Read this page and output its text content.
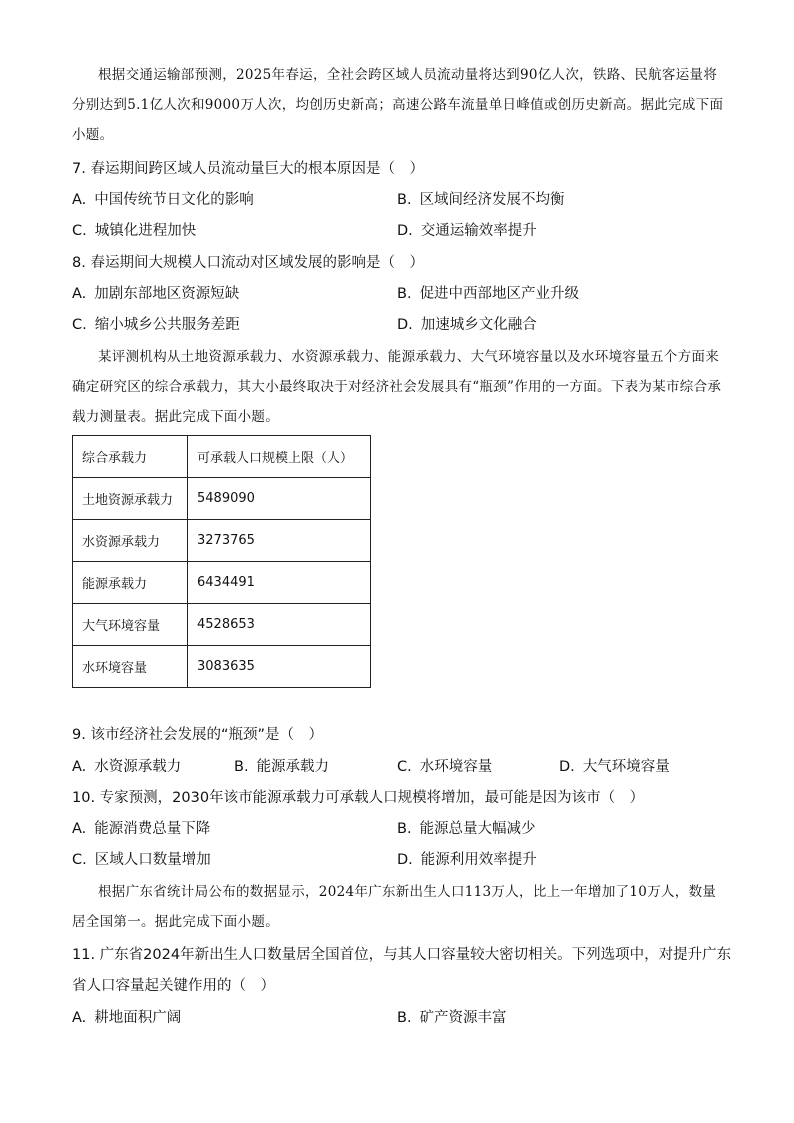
根据交通运输部预测，2025年春运，全社会跨区域人员流动量将达到90亿人次，铁路、民航客运量将分别达到5.1亿人次和9000万人次，均创历史新高；高速公路车流量单日峰值或创历史新高。据此完成下面小题。
7. 春运期间跨区域人员流动量巨大的根本原因是（　）
A. 中国传统节日文化的影响	B. 区域间经济发展不均衡
C. 城镇化进程加快	D. 交通运输效率提升
8. 春运期间大规模人口流动对区域发展的影响是（　）
A. 加剧东部地区资源短缺	B. 促进中西部地区产业升级
C. 缩小城乡公共服务差距	D. 加速城乡文化融合
某评测机构从土地资源承载力、水资源承载力、能源承载力、大气环境容量以及水环境容量五个方面来确定研究区的综合承载力，其大小最终取决于对经济社会发展具有“瓶颈”作用的一方面。下表为某市综合承载力测量表。据此完成下面小题。
综合承载力	可承载人口规模上限（人）
土地资源承载力	5489090
水资源承载力	3273765
能源承载力	6434491
大气环境容量	4528653
水环境容量	3083635
9. 该市经济社会发展的“瓶颈”是（　）
A. 水资源承载力	B. 能源承载力	C. 水环境容量	D. 大气环境容量
10. 专家预测，2030年该市能源承载力可承载人口规模将增加，最可能是因为该市（　）
A. 能源消费总量下降	B. 能源总量大幅减少
C. 区域人口数量增加	D. 能源利用效率提升
根据广东省统计局公布的数据显示，2024年广东新出生人口113万人，比上一年增加了10万人，数量居全国第一。据此完成下面小题。
11. 广东省2024年新出生人口数量居全国首位，与其人口容量较大密切相关。下列选项中，对提升广东省人口容量起关键作用的（　）
A. 耕地面积广阔	B. 矿产资源丰富
